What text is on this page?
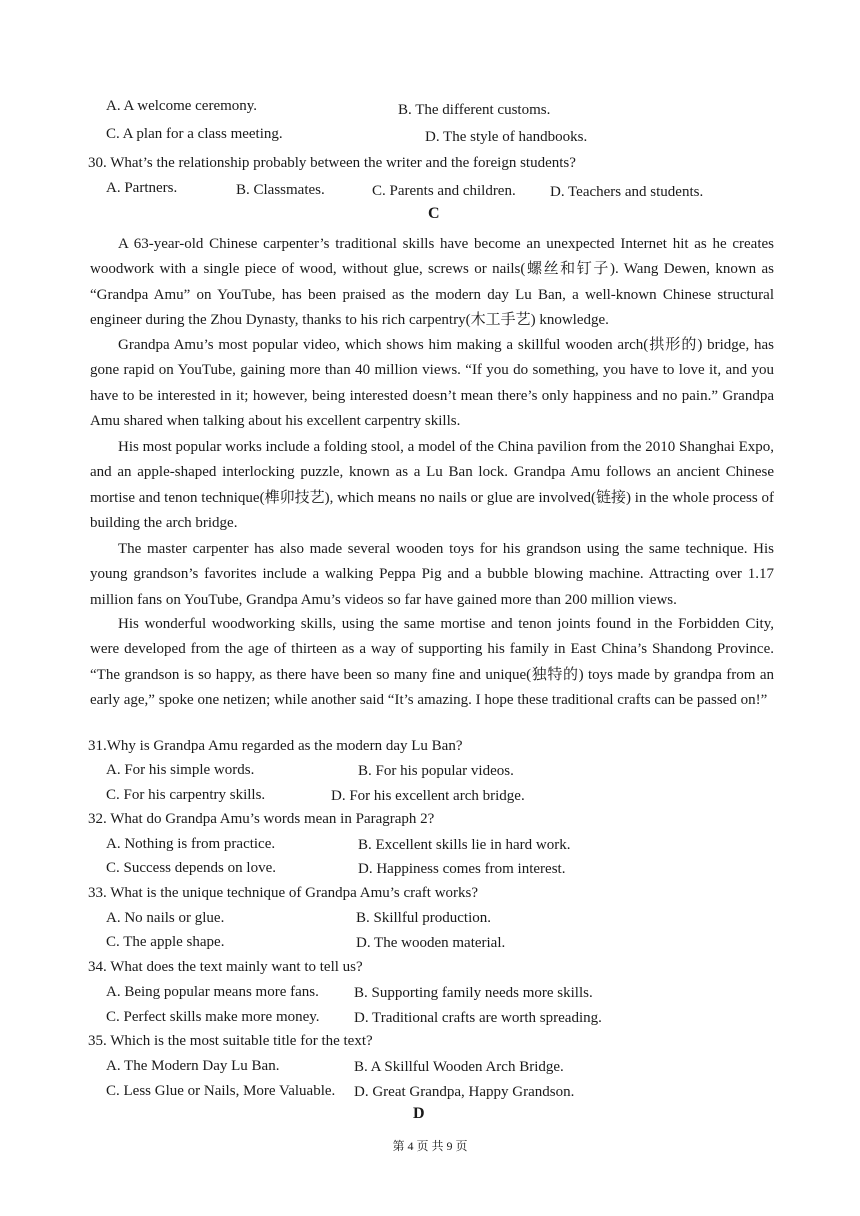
A. A welcome ceremony.	B. The different customs.
C. A plan for a class meeting.	D. The style of handbooks.
30. What’s the relationship probably between the writer and the foreign students?
A. Partners.	B. Classmates.	C. Parents and children. D. Teachers and students.
C
A 63-year-old Chinese carpenter’s traditional skills have become an unexpected Internet hit as he creates woodwork with a single piece of wood, without glue, screws or nails(螺丝和钉子). Wang Dewen, known as “Grandpa Amu” on YouTube, has been praised as the modern day Lu Ban, a well-known Chinese structural engineer during the Zhou Dynasty, thanks to his rich carpentry(木工手艺) knowledge.
Grandpa Amu’s most popular video, which shows him making a skillful wooden arch(拱形的) bridge, has gone rapid on YouTube, gaining more than 40 million views. “If you do something, you have to love it, and you have to be interested in it; however, being interested doesn’t mean there’s only happiness and no pain.” Grandpa Amu shared when talking about his excellent carpentry skills.
His most popular works include a folding stool, a model of the China pavilion from the 2010 Shanghai Expo, and an apple-shaped interlocking puzzle, known as a Lu Ban lock. Grandpa Amu follows an ancient Chinese mortise and tenon technique(榫卯技艺), which means no nails or glue are involved(链接) in the whole process of building the arch bridge.
The master carpenter has also made several wooden toys for his grandson using the same technique. His young grandson’s favorites include a walking Peppa Pig and a bubble blowing machine. Attracting over 1.17 million fans on YouTube, Grandpa Amu’s videos so far have gained more than 200 million views.
His wonderful woodworking skills, using the same mortise and tenon joints found in the Forbidden City, were developed from the age of thirteen as a way of supporting his family in East China’s Shandong Province. “The grandson is so happy, as there have been so many fine and unique(独特的) toys made by grandpa from an early age,” spoke one netizen; while another said “It’s amazing. I hope these traditional crafts can be passed on!”
31.Why is Grandpa Amu regarded as the modern day Lu Ban?
A. For his simple words.	B. For his popular videos.
C. For his carpentry skills.	D. For his excellent arch bridge.
32. What do Grandpa Amu’s words mean in Paragraph 2?
A. Nothing is from practice.	B. Excellent skills lie in hard work.
C. Success depends on love.	D. Happiness comes from interest.
33. What is the unique technique of Grandpa Amu’s craft works?
A. No nails or glue.	B. Skillful production.
C. The apple shape.	D. The wooden material.
34. What does the text mainly want to tell us?
A. Being popular means more fans. B. Supporting family needs more skills.
C. Perfect skills make more money. D. Traditional crafts are worth spreading.
35. Which is the most suitable title for the text?
A. The Modern Day Lu Ban.	B. A Skillful Wooden Arch Bridge.
C. Less Glue or Nails, More Valuable. D. Great Grandpa, Happy Grandson.
D
第 4 页 共 9 页
